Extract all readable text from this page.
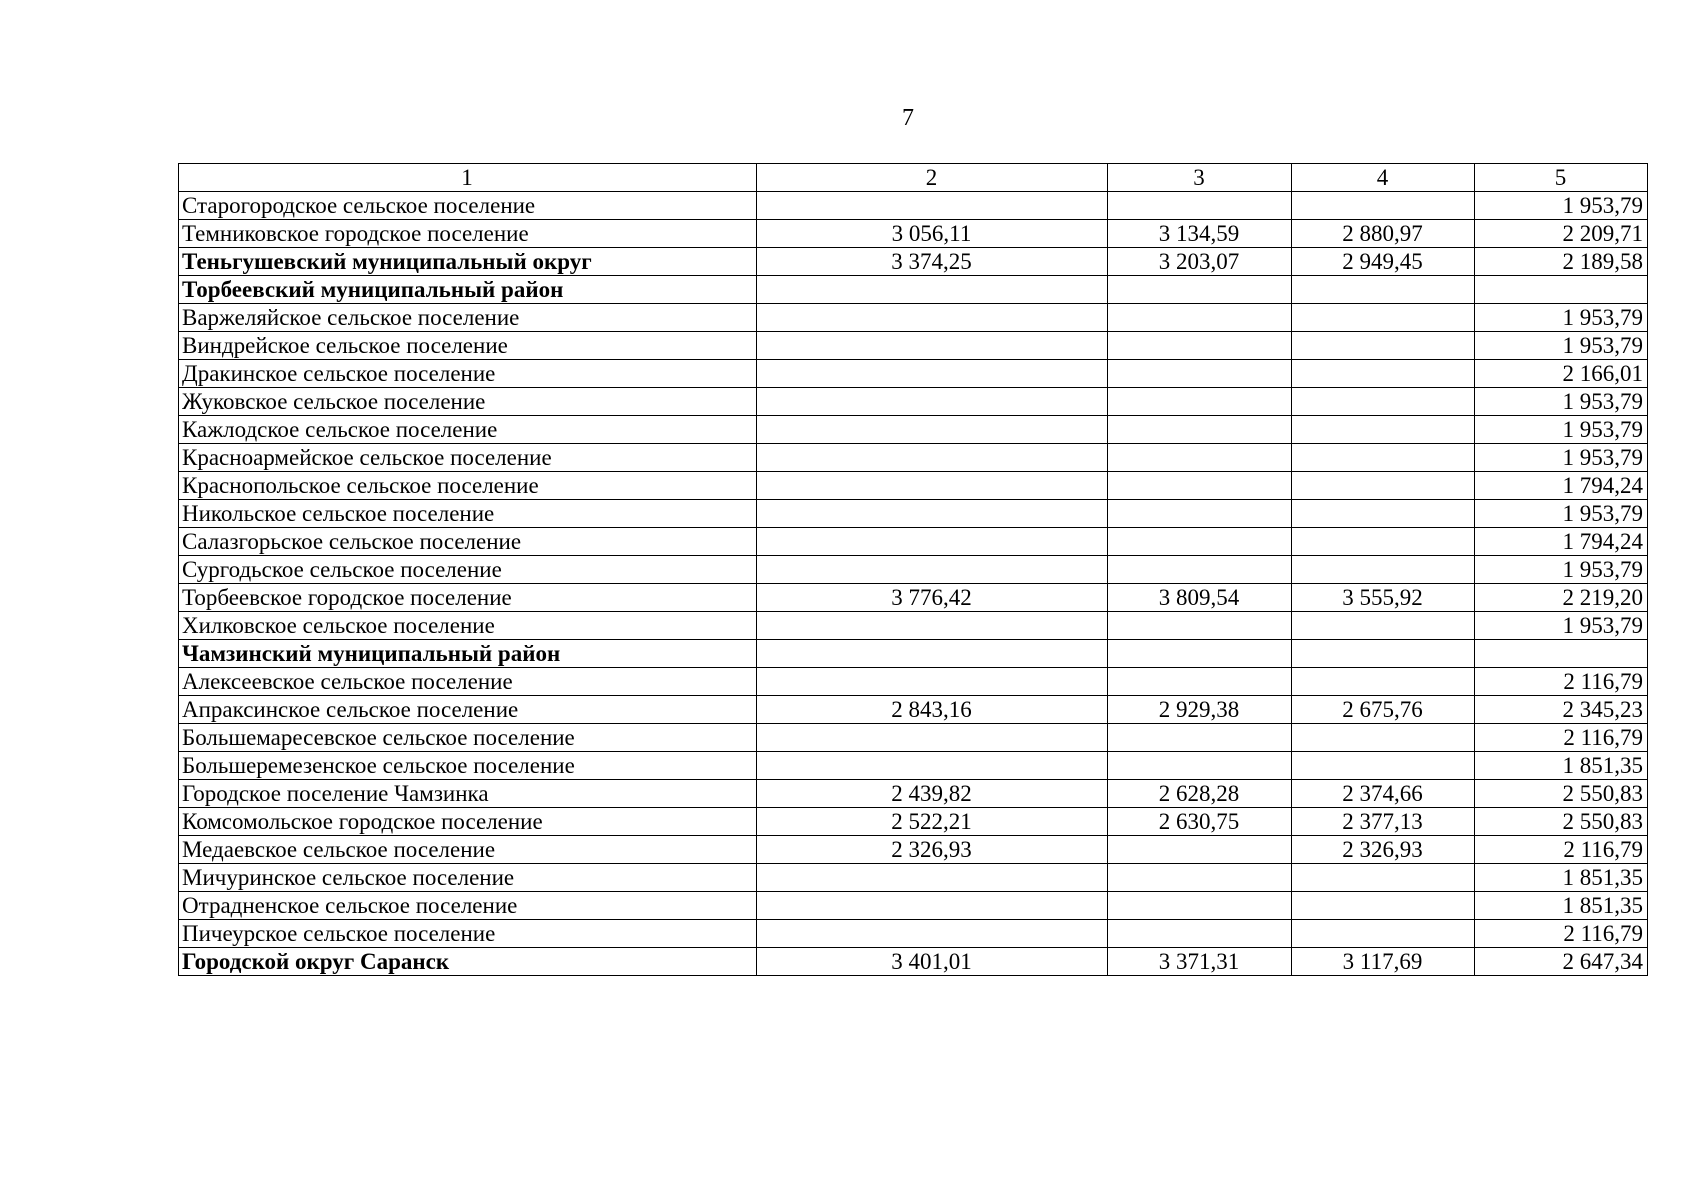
7
1	2	3	4	5
Старогородское сельское поселение				1 953,79
Темниковское городское поселение	3 056,11	3 134,59	2 880,97	2 209,71
Теньгушевский муниципальный округ	3 374,25	3 203,07	2 949,45	2 189,58
Торбеевский муниципальный район				
Варжеляйское сельское поселение				1 953,79
Виндрейское сельское поселение				1 953,79
Дракинское сельское поселение				2 166,01
Жуковское сельское поселение				1 953,79
Кажлодское сельское поселение				1 953,79
Красноармейское сельское поселение				1 953,79
Краснопольское сельское поселение				1 794,24
Никольское сельское поселение				1 953,79
Салазгорьское сельское поселение				1 794,24
Сургодьское сельское поселение				1 953,79
Торбеевское городское поселение	3 776,42	3 809,54	3 555,92	2 219,20
Хилковское сельское поселение				1 953,79
Чамзинский муниципальный район				
Алексеевское сельское поселение				2 116,79
Апраксинское сельское поселение	2 843,16	2 929,38	2 675,76	2 345,23
Большемаресевское сельское поселение				2 116,79
Большеремезенское сельское поселение				1 851,35
Городское поселение Чамзинка	2 439,82	2 628,28	2 374,66	2 550,83
Комсомольское городское поселение	2 522,21	2 630,75	2 377,13	2 550,83
Медаевское сельское поселение	2 326,93		2 326,93	2 116,79
Мичуринское сельское поселение				1 851,35
Отрадненское сельское поселение				1 851,35
Пичеурское сельское поселение				2 116,79
Городской округ Саранск	3 401,01	3 371,31	3 117,69	2 647,34
